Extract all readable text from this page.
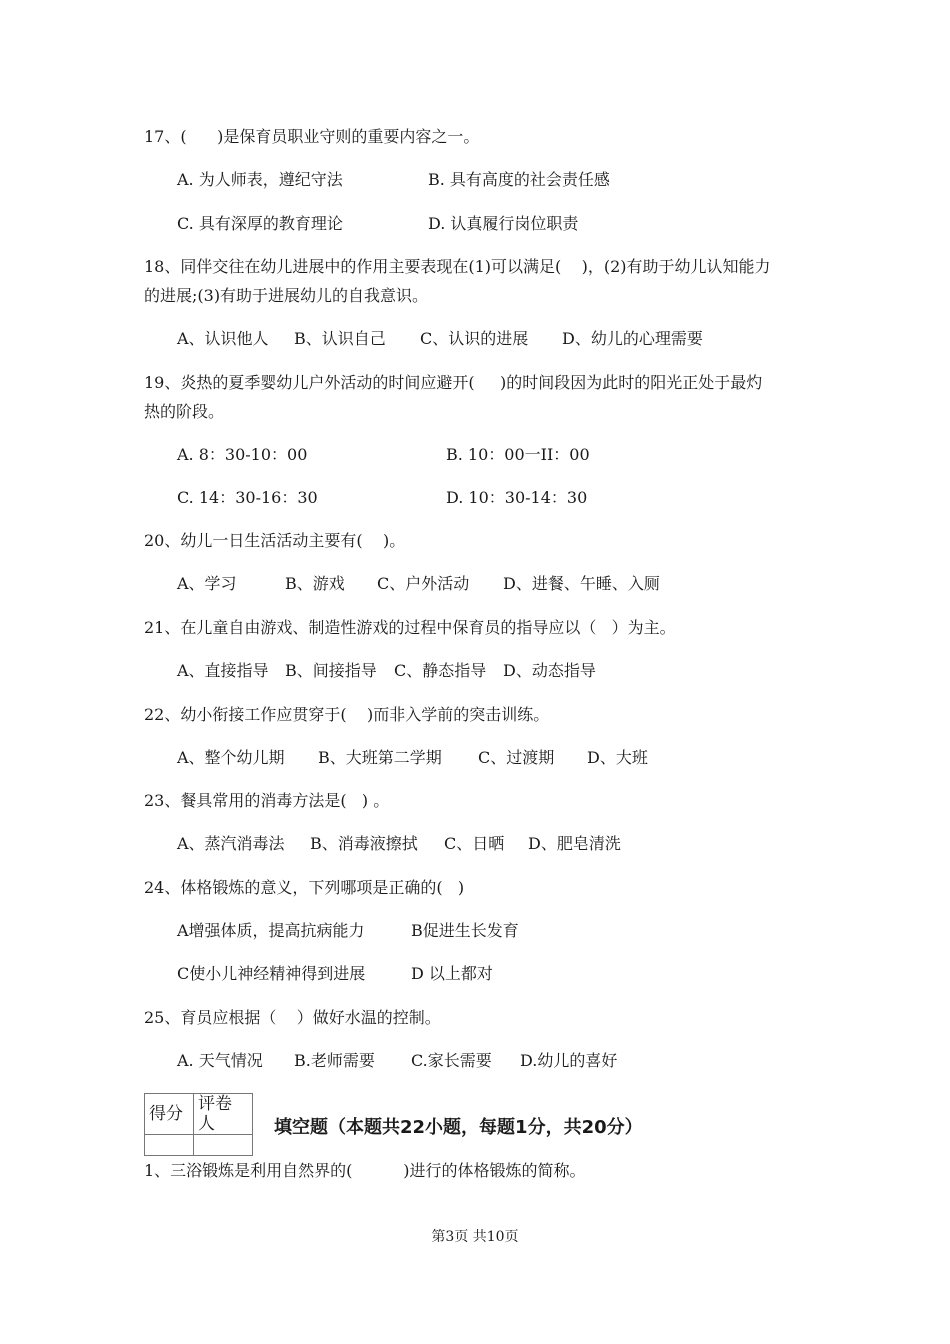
17、(      )是保育员职业守则的重要内容之一。
A. 为人师表，遵纪守法	B. 具有高度的社会责任感
C. 具有深厚的教育理论	D. 认真履行岗位职责
18、同伴交往在幼儿进展中的作用主要表现在(1)可以满足(    )，(2)有助于幼儿认知能力
的进展;(3)有助于进展幼儿的自我意识。
A、认识他人 B、认识自己 C、认识的进展 D、幼儿的心理需要
19、炎热的夏季婴幼儿户外活动的时间应避开(     )的时间段因为此时的阳光正处于最灼
热的阶段。
A. 8：30-10：00	B. 10：00一II：00
C. 14：30-16：30	D. 10：30-14：30
20、幼儿一日生活活动主要有(    )。
A、学习	B、游戏 C、户外活动 D、进餐、午睡、入厕
21、在儿童自由游戏、制造性游戏的过程中保育员的指导应以（   ）为主。
A、直接指导 B、间接指导 C、静态指导 D、动态指导
22、幼小衔接工作应贯穿于(    )而非入学前的突击训练。
A、整个幼儿期 B、大班第二学期 C、过渡期 D、大班
23、餐具常用的消毒方法是(   ) 。
A、蒸汽消毒法 B、消毒液擦拭 C、日晒 D、肥皂清洗
24、体格锻炼的意义，下列哪项是正确的(   )
A增强体质，提高抗病能力	B促进生长发育
C使小儿神经精神得到进展	D 以上都对
25、育员应根据（    ）做好水温的控制。
A. 天气情况 B.老师需要 C.家长需要 D.幼儿的喜好
得分	评卷人
		填空题（本题共22小题，每题1分，共20分）
1、三浴锻炼是利用自然界的(          )进行的体格锻炼的简称。
第3页 共10页
